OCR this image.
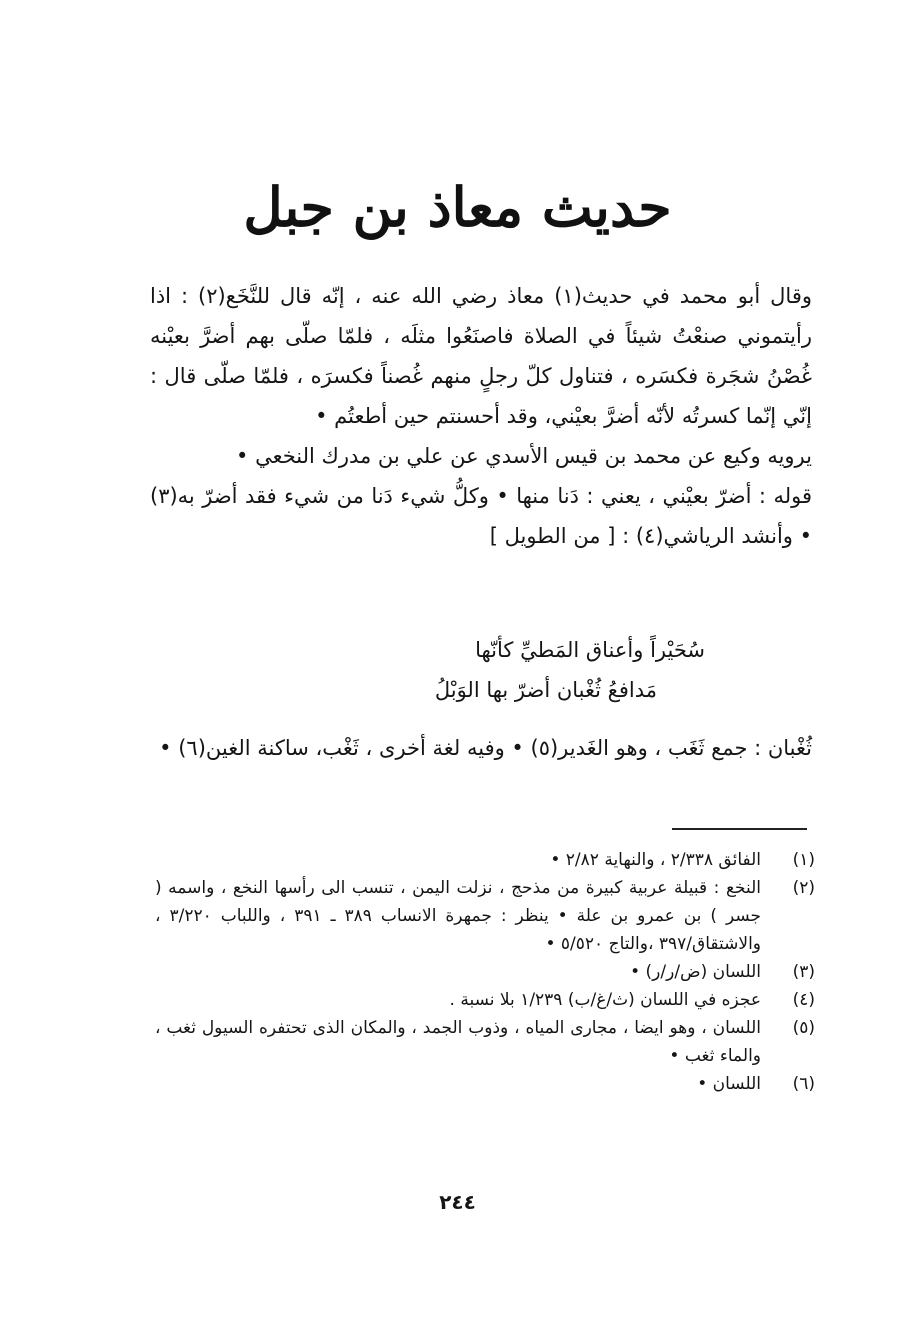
حديث معاذ بن جبل

وقال أبو محمد في حديث(١) معاذ رضي الله عنه ، إنّه قال للنَّخَع(٢) : اذا رأيتموني صنعْتُ شيئاً في الصلاة فاصنَعُوا مثلَه ، فلمّا صلّى بهم أضرَّ بعيْنه غُصْنُ شجَرة فكسَره ، فتناول كلّ رجلٍ منهم غُصناً فكسرَه ، فلمّا صلّى قال : إنّي إنّما كسرتُه لأنّه أضرَّ بعيْني، وقد أحسنتم حين أطعتُم •

يرويه وكيع عن محمد بن قيس الأسدي عن علي بن مدرك النخعي •

قوله : أضرّ بعيْني ، يعني : دَنا منها • وكلُّ شيء دَنا من شيء فقد أضرّ به(٣) • وأنشد الرياشي(٤) : [ من الطويل ]

سُحَيْراً وأعناق المَطيِّ كأنّها
مَدافعُ ثُغْبان أضرّ بها الوَبْلُ

ثُغْبان : جمع ثَغَب ، وهو الغَدير(٥) • وفيه لغة أخرى ، ثَغْب، ساكنة الغين(٦) •

(١)
الفائق ٢/٣٣٨ ، والنهاية ٢/٨٢ •
(٢)
النخع : قبيلة عربية كبيرة من مذحج ، نزلت اليمن ، تنسب الى رأسها النخع ، واسمه ( جسر ) بن عمرو بن علة • ينظر : جمهرة الانساب ٣٨٩ ـ ٣٩١ ، واللباب ٣/٢٢٠ ، والاشتقاق/٣٩٧ ،والتاج ٥/٥٢٠ •
(٣)
اللسان (ض/ر/ر) •
(٤)
عجزه في اللسان (ث/غ/ب) ١/٢٣٩ بلا نسبة .
(٥)
اللسان ، وهو ايضا ، مجارى المياه ، وذوب الجمد ، والمكان الذى تحتفره السيول ثغب ، والماء ثغب •
(٦)
اللسان •
٢٤٤
